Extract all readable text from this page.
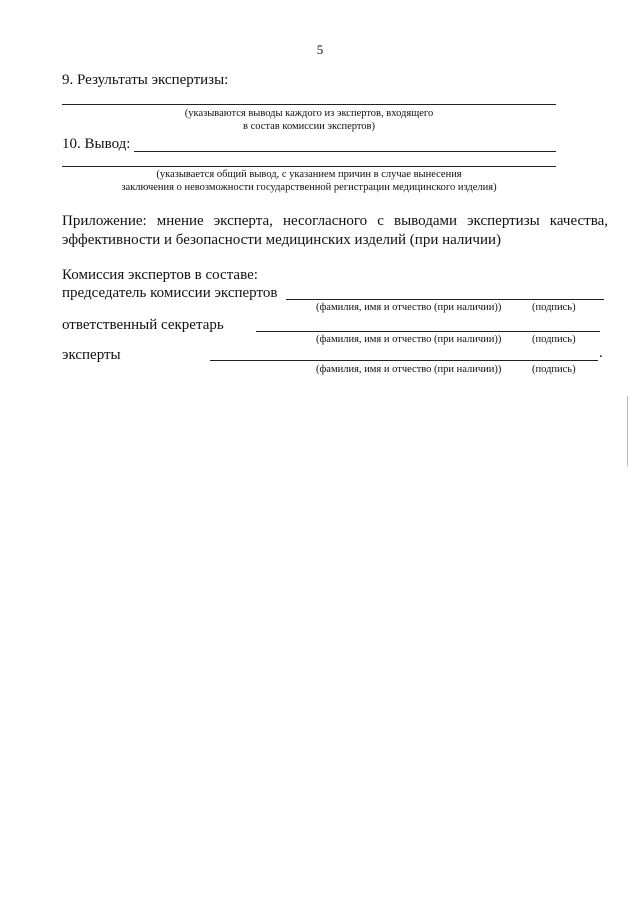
5
9. Результаты экспертизы:
(указываются выводы каждого из экспертов, входящего
в состав комиссии экспертов)
10. Вывод:
(указывается общий вывод, с указанием причин в случае вынесения
заключения о невозможности государственной регистрации медицинского изделия)

Приложение: мнение эксперта, несогласного с выводами экспертизы качества,

эффективности и безопасности медицинских изделий (при наличии)

Комиссия экспертов в составе:
председатель комиссии экспертов
(фамилия, имя и отчество (при наличии))	(подпись)
ответственный секретарь
(фамилия, имя и отчество (при наличии))	(подпись)
эксперты	.
(фамилия, имя и отчество (при наличии))	(подпись)
